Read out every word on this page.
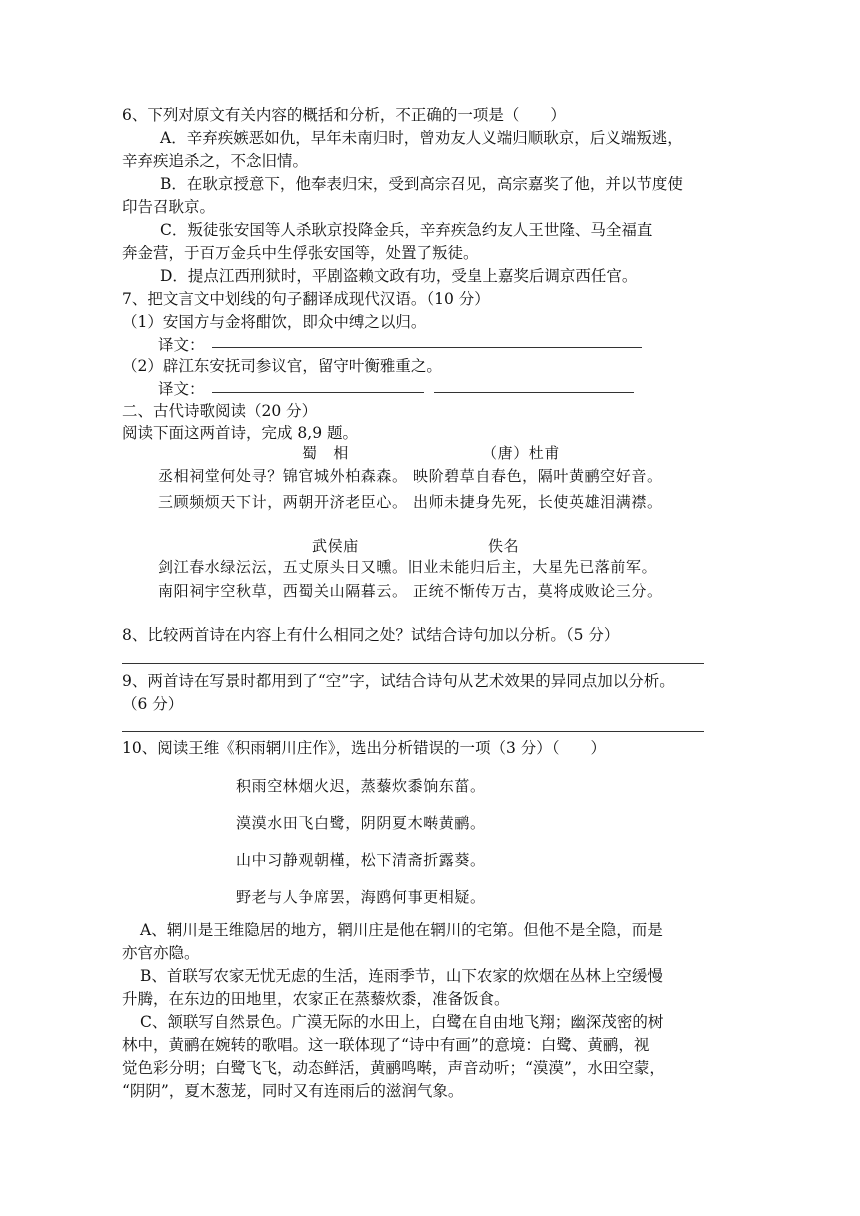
6、下列对原文有关内容的概括和分析，不正确的一项是（　　）
A．辛弃疾嫉恶如仇，早年未南归时，曾劝友人义端归顺耿京，后义端叛逃，
辛弃疾追杀之，不念旧情。
B．在耿京授意下，他奉表归宋，受到高宗召见，高宗嘉奖了他，并以节度使
印告召耿京。
C．叛徒张安国等人杀耿京投降金兵，辛弃疾急约友人王世隆、马全福直
奔金营，于百万金兵中生俘张安国等，处置了叛徒。
D．提点江西刑狱时，平剧盗赖文政有功，受皇上嘉奖后调京西任官。
7、把文言文中划线的句子翻译成现代汉语。（10 分）
（1）安国方与金将酣饮，即众中缚之以归。
译文：
（2）辟江东安抚司参议官，留守叶衡雅重之。
译文：
二、古代诗歌阅读（20 分）
阅读下面这两首诗，完成 8,9 题。
蜀　相	（唐）杜甫
丞相祠堂何处寻？锦官城外柏森森。 映阶碧草自春色，隔叶黄鹂空好音。
三顾频烦天下计，两朝开济老臣心。 出师未捷身先死，长使英雄泪满襟。
武侯庙	佚名
剑江春水绿沄沄，五丈原头日又曛。旧业未能归后主，大星先已落前军。
南阳祠宇空秋草，西蜀关山隔暮云。 正统不惭传万古，莫将成败论三分。
8、比较两首诗在内容上有什么相同之处？试结合诗句加以分析。（5 分）
9、两首诗在写景时都用到了“空”字，试结合诗句从艺术效果的异同点加以分析。
（6 分）
10、阅读王维《积雨辋川庄作》，选出分析错误的一项（3 分）（　　）
积雨空林烟火迟，蒸藜炊黍饷东菑。
漠漠水田飞白鹭，阴阴夏木啭黄鹂。
山中习静观朝槿，松下清斋折露葵。
野老与人争席罢，海鸥何事更相疑。
A、辋川是王维隐居的地方，辋川庄是他在辋川的宅第。但他不是全隐，而是
亦官亦隐。
B、首联写农家无忧无虑的生活，连雨季节，山下农家的炊烟在丛林上空缓慢
升腾，在东边的田地里，农家正在蒸藜炊黍，准备饭食。
C、颔联写自然景色。广漠无际的水田上，白鹭在自由地飞翔；幽深茂密的树
林中，黄鹂在婉转的歌唱。这一联体现了“诗中有画”的意境：白鹭、黄鹂，视
觉色彩分明；白鹭飞飞，动态鲜活，黄鹂鸣啭，声音动听；“漠漠”，水田空蒙，
“阴阴”，夏木葱茏，同时又有连雨后的滋润气象。
